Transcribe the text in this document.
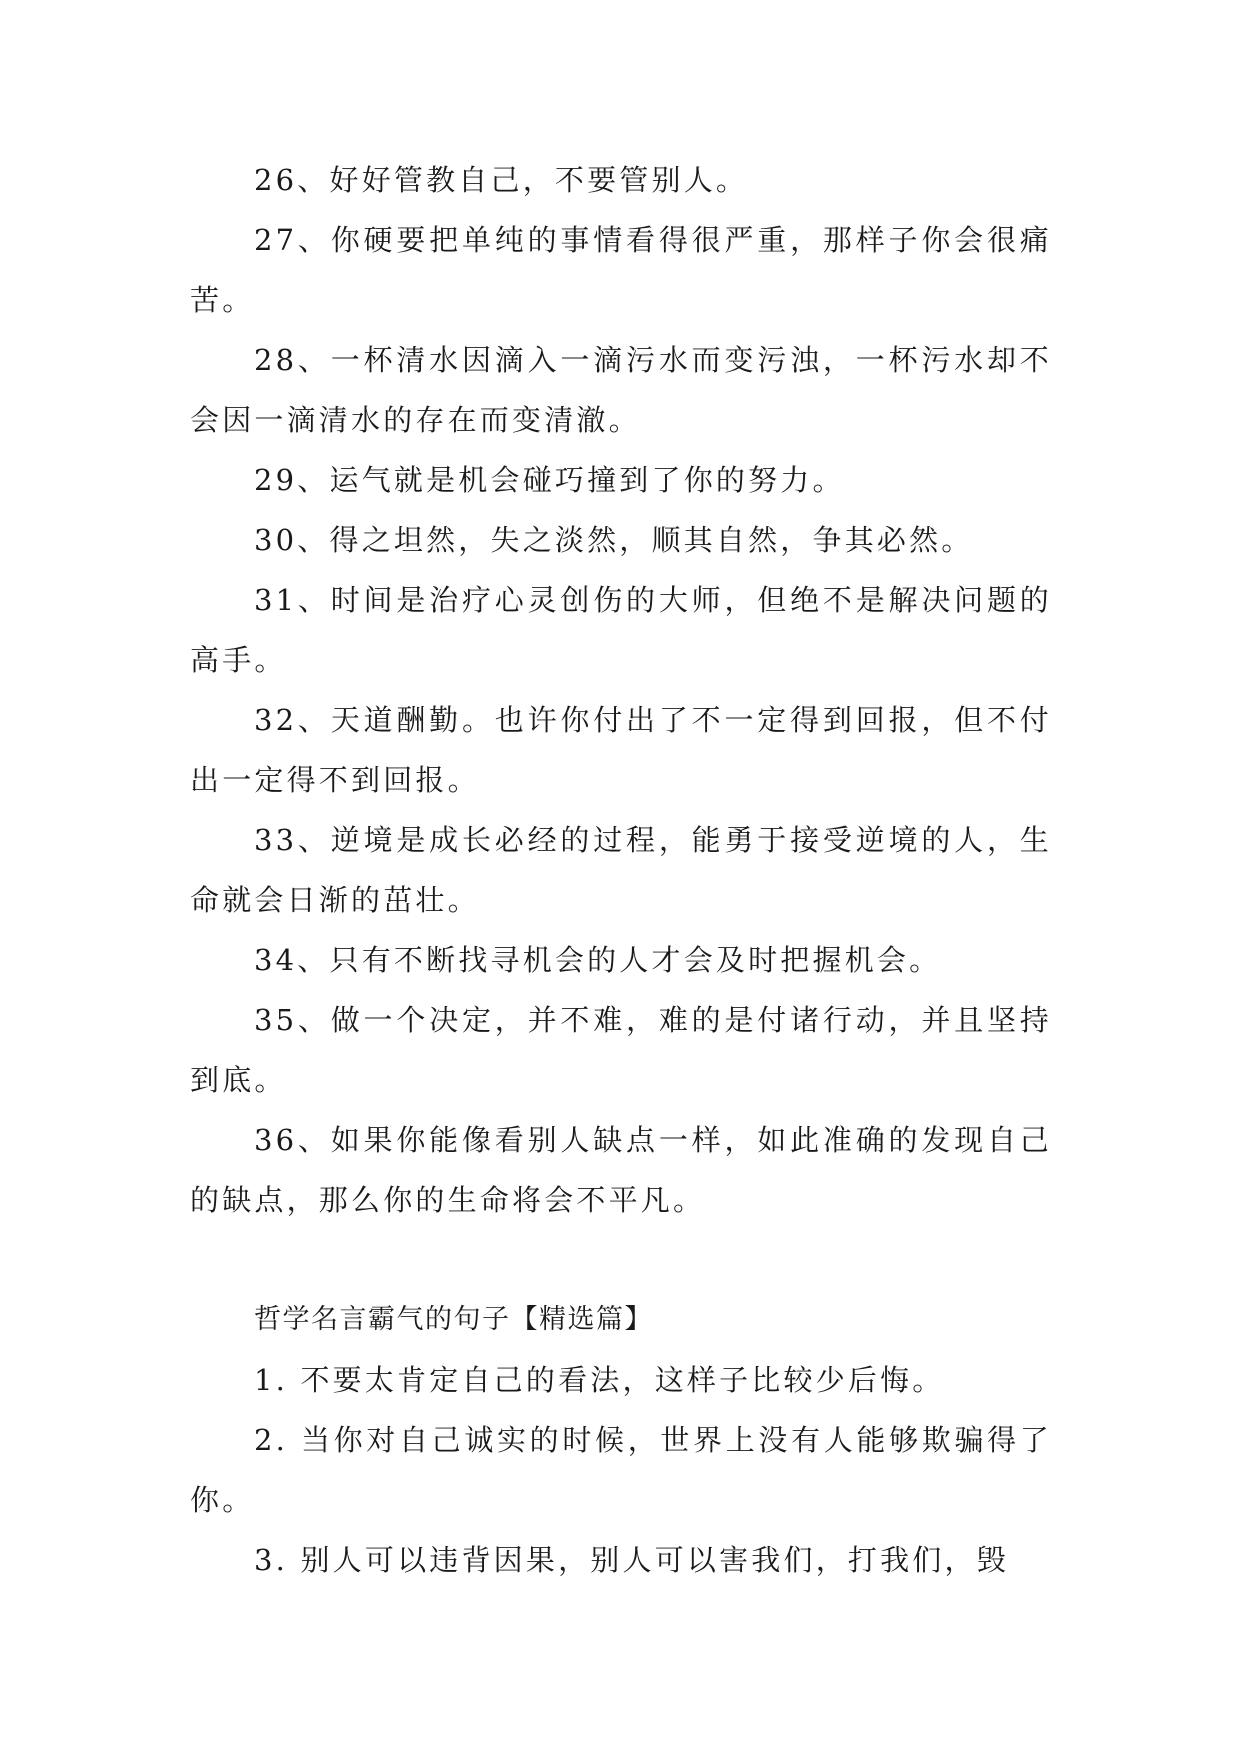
26、好好管教自己，不要管别人。

27、你硬要把单纯的事情看得很严重，那样子你会很痛苦。

28、一杯清水因滴入一滴污水而变污浊，一杯污水却不会因一滴清水的存在而变清澈。

29、运气就是机会碰巧撞到了你的努力。

30、得之坦然，失之淡然，顺其自然，争其必然。

31、时间是治疗心灵创伤的大师，但绝不是解决问题的高手。

32、天道酬勤。也许你付出了不一定得到回报，但不付出一定得不到回报。

33、逆境是成长必经的过程，能勇于接受逆境的人，生命就会日渐的茁壮。

34、只有不断找寻机会的人才会及时把握机会。

35、做一个决定，并不难，难的是付诸行动，并且坚持到底。

36、如果你能像看别人缺点一样，如此准确的发现自己的缺点，那么你的生命将会不平凡。

哲学名言霸气的句子【精选篇】

1. 不要太肯定自己的看法，这样子比较少后悔。

2. 当你对自己诚实的时候，世界上没有人能够欺骗得了你。

3. 别人可以违背因果，别人可以害我们，打我们，毁
